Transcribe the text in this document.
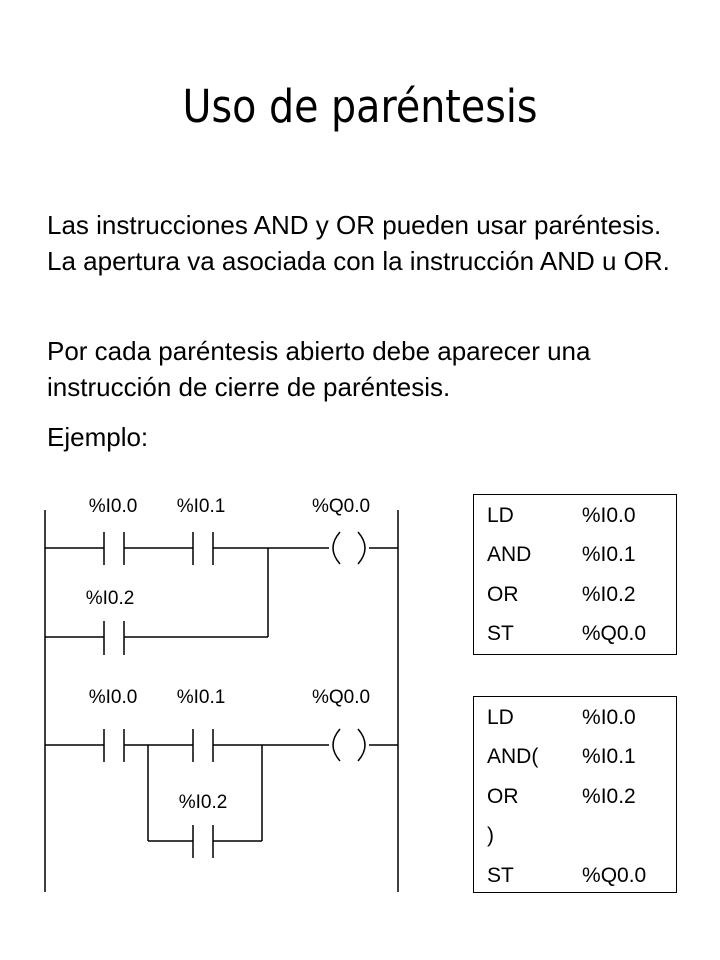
Uso de paréntesis
Las instrucciones AND y OR pueden usar paréntesis. La apertura va asociada con la instrucción AND u OR.
Por cada paréntesis abierto debe aparecer una instrucción de cierre de paréntesis.
Ejemplo:
%I0.0 %I0.1	%Q0.0
%I0.2
%I0.0 %I0.1	%Q0.0
%I0.2
LD	%I0.0
AND	%I0.1
OR	%I0.2
ST	%Q0.0
LD	%I0.0
AND(	%I0.1
OR	%I0.2
)	
ST	%Q0.0
